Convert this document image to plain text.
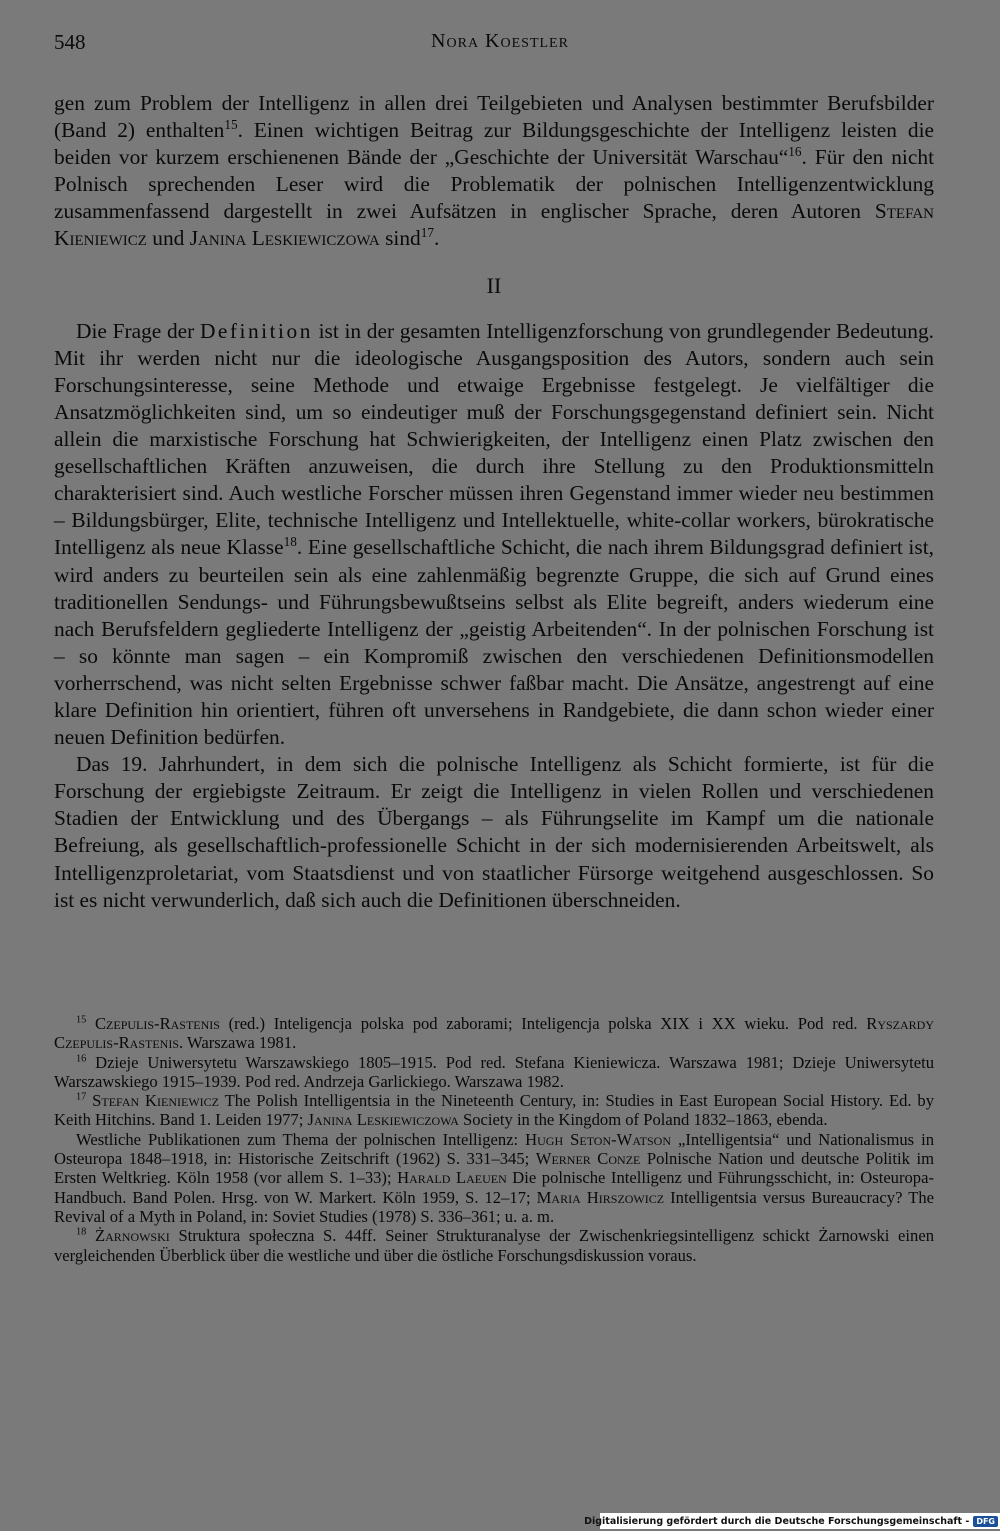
548	Nora Koestler

gen zum Problem der Intelligenz in allen drei Teilgebieten und Analysen bestimmter Berufsbilder (Band 2) enthalten$^{15}$. Einen wichtigen Beitrag zur Bildungsgeschichte der Intelligenz leisten die beiden vor kurzem erschienenen Bände der „Geschichte der Universität Warschau“$^{16}$. Für den nicht Polnisch sprechenden Leser wird die Problematik der polnischen Intelligenzentwicklung zusammenfassend dargestellt in zwei Aufsätzen in englischer Sprache, deren Autoren Stefan Kieniewicz und Janina Leskiewiczowa sind$^{17}$.

II

Die Frage der Definition ist in der gesamten Intelligenzforschung von grundlegender Bedeutung. Mit ihr werden nicht nur die ideologische Ausgangsposition des Autors, sondern auch sein Forschungsinteresse, seine Methode und etwaige Ergebnisse festgelegt. Je vielfältiger die Ansatzmöglichkeiten sind, um so eindeutiger muß der Forschungsgegenstand definiert sein. Nicht allein die marxistische Forschung hat Schwierigkeiten, der Intelligenz einen Platz zwischen den gesellschaftlichen Kräften anzuweisen, die durch ihre Stellung zu den Produktionsmitteln charakterisiert sind. Auch westliche Forscher müssen ihren Gegenstand immer wieder neu bestimmen – Bildungsbürger, Elite, technische Intelligenz und Intellektuelle, white-collar workers, bürokratische Intelligenz als neue Klasse$^{18}$. Eine gesellschaftliche Schicht, die nach ihrem Bildungsgrad definiert ist, wird anders zu beurteilen sein als eine zahlenmäßig begrenzte Gruppe, die sich auf Grund eines traditionellen Sendungs- und Führungsbewußtseins selbst als Elite begreift, anders wiederum eine nach Berufsfeldern gegliederte Intelligenz der „geistig Arbeitenden“. In der polnischen Forschung ist – so könnte man sagen – ein Kompromiß zwischen den verschiedenen Definitionsmodellen vorherrschend, was nicht selten Ergebnisse schwer faßbar macht. Die Ansätze, angestrengt auf eine klare Definition hin orientiert, führen oft unversehens in Randgebiete, die dann schon wieder einer neuen Definition bedürfen.

Das 19. Jahrhundert, in dem sich die polnische Intelligenz als Schicht formierte, ist für die Forschung der ergiebigste Zeitraum. Er zeigt die Intelligenz in vielen Rollen und verschiedenen Stadien der Entwicklung und des Übergangs – als Führungselite im Kampf um die nationale Befreiung, als gesellschaftlich-professionelle Schicht in der sich modernisierenden Arbeitswelt, als Intelligenzproletariat, vom Staatsdienst und von staatlicher Fürsorge weitgehend ausgeschlossen. So ist es nicht verwunderlich, daß sich auch die Definitionen überschneiden.

$^{15}$ Czepulis-Rastenis (red.) Inteligencja polska pod zaborami; Inteligencja polska XIX i XX wieku. Pod red. Ryszardy Czepulis-Rastenis. Warszawa 1981.

$^{16}$ Dzieje Uniwersytetu Warszawskiego 1805–1915. Pod red. Stefana Kieniewicza. Warszawa 1981; Dzieje Uniwersytetu Warszawskiego 1915–1939. Pod red. Andrzeja Garlickiego. Warszawa 1982.

$^{17}$ Stefan Kieniewicz The Polish Intelligentsia in the Nineteenth Century, in: Studies in East European Social History. Ed. by Keith Hitchins. Band 1. Leiden 1977; Janina Leskiewiczowa Society in the Kingdom of Poland 1832–1863, ebenda.

Westliche Publikationen zum Thema der polnischen Intelligenz: Hugh Seton-Watson „Intelligentsia“ und Nationalismus in Osteuropa 1848–1918, in: Historische Zeitschrift (1962) S. 331–345; Werner Conze Polnische Nation und deutsche Politik im Ersten Weltkrieg. Köln 1958 (vor allem S. 1–33); Harald Laeuen Die polnische Intelligenz und Führungsschicht, in: Osteuropa-Handbuch. Band Polen. Hrsg. von W. Markert. Köln 1959, S. 12–17; Maria Hirszowicz Intelligentsia versus Bureaucracy? The Revival of a Myth in Poland, in: Soviet Studies (1978) S. 336–361; u. a. m.

$^{18}$ Żarnowski Struktura społeczna S. 44ff. Seiner Strukturanalyse der Zwischenkriegsintelligenz schickt Żarnowski einen vergleichenden Überblick über die westliche und über die östliche Forschungsdiskussion voraus.

Digitalisierung gefördert durch die Deutsche Forschungsgemeinschaft - DFG
